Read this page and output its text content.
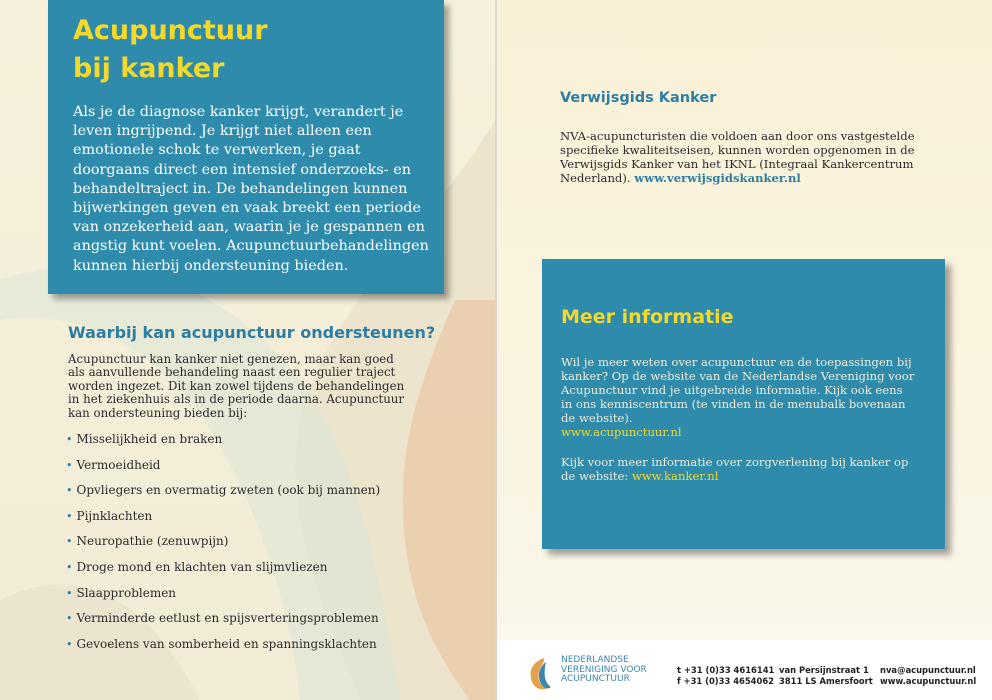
Acupunctuur
bij kanker

Als je de diagnose kanker krijgt, verandert je leven ingrijpend. Je krijgt niet alleen een emotionele schok te verwerken, je gaat doorgaans direct een intensief onderzoeks- en behandeltraject in. De behandelingen kunnen bijwerkingen geven en vaak breekt een periode van onzekerheid aan, waarin je je gespannen en angstig kunt voelen. Acupunctuurbehandelingen kunnen hierbij ondersteuning bieden.

Waarbij kan acupunctuur ondersteunen?

Acupunctuur kan kanker niet genezen, maar kan goed als aanvullende behandeling naast een regulier traject worden ingezet. Dit kan zowel tijdens de behandelingen in het ziekenhuis als in de periode daarna. Acupunctuur kan ondersteuning bieden bij:

• Misselijkheid en braken
• Vermoeidheid
• Opvliegers en overmatig zweten (ook bij mannen)
• Pijnklachten
• Neuropathie (zenuwpijn)
• Droge mond en klachten van slijmvliezen
• Slaapproblemen
• Verminderde eetlust en spijsverteringsproblemen
• Gevoelens van somberheid en spanningsklachten
Verwijsgids Kanker

NVA-acupuncturisten die voldoen aan door ons vastgestelde specifieke kwaliteitseisen, kunnen worden opgenomen in de Verwijsgids Kanker van het IKNL (Integraal Kankercentrum Nederland). www.verwijsgidskanker.nl

Meer informatie

Wil je meer weten over acupunctuur en de toepassingen bij kanker? Op de website van de Nederlandse Vereniging voor Acupunctuur vind je uitgebreide informatie. Kijk ook eens in ons kenniscentrum (te vinden in de menubalk bovenaan de website).
www.acupunctuur.nl

Kijk voor meer informatie over zorgverlening bij kanker op de website: www.kanker.nl

NEDERLANDSE
VERENIGING VOOR
ACUPUNCTUUR
t +31 (0)33 4616141
f +31 (0)33 4654062
van Persijnstraat 1
3811 LS Amersfoort
nva@acupunctuur.nl
www.acupunctuur.nl
